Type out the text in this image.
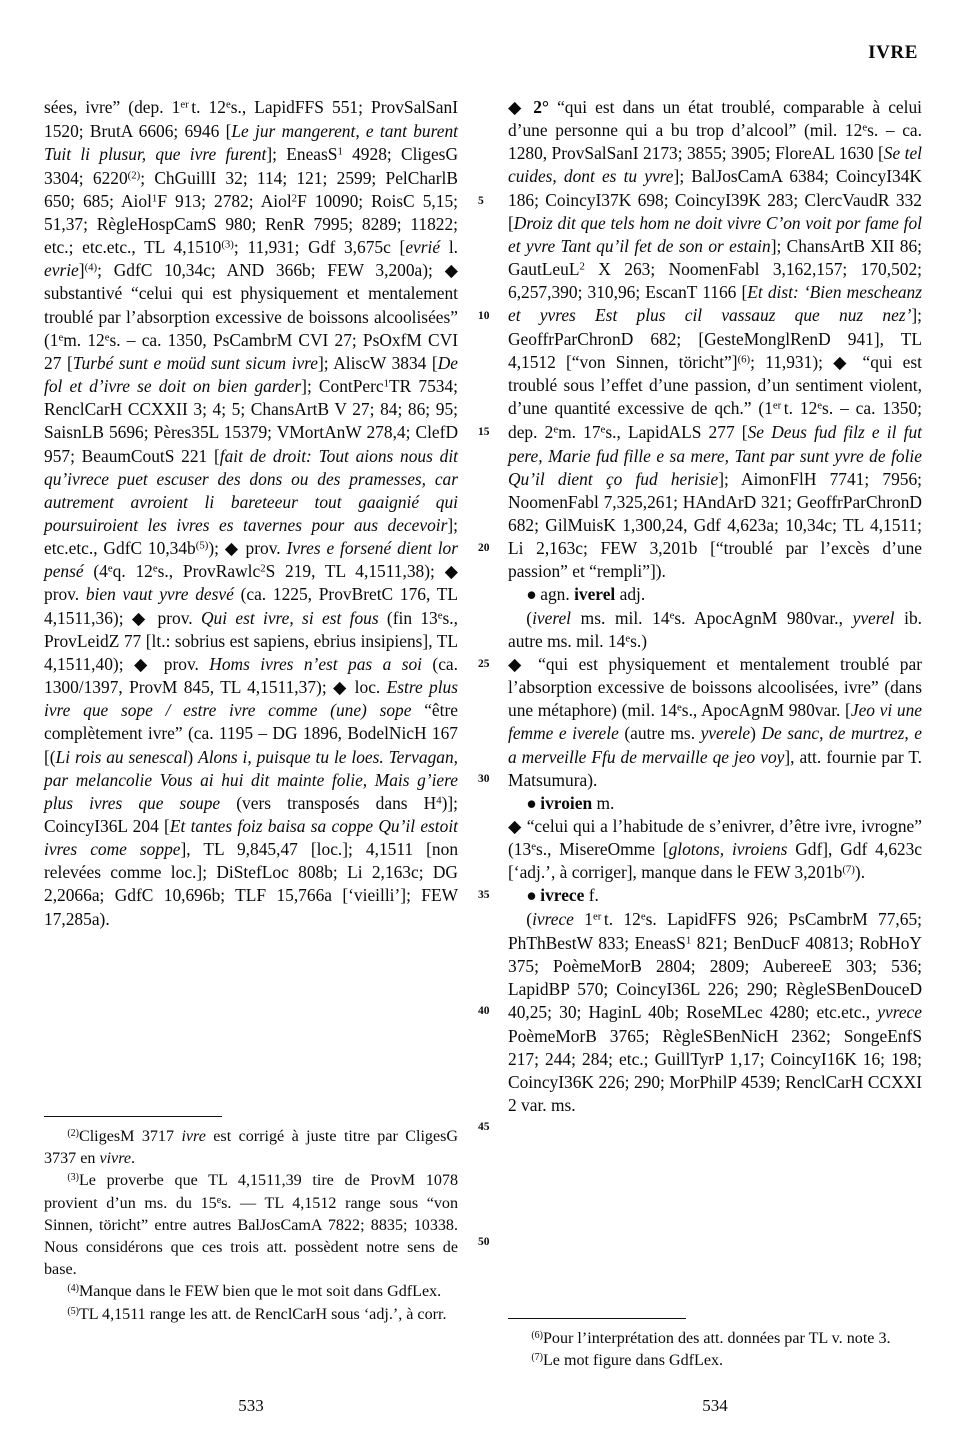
IVRE

sées, ivre” (dep. 1er t. 12es., LapidFFS 551; ProvSalSanI 1520; BrutA 6606; 6946 [Le jur mangerent, e tant burent Tuit li plusur, que ivre furent]; EneasS$^1$ 4928; CligesG 3304; 6220$^{(2)}$; ChGuillI 32; 114; 121; 2599; PelCharlB 650; 685; Aiol$^1$F 913; 2782; Aiol$^2$F 10090; RoisC 5,15; 51,37; RègleHospCamS 980; RenR 7995; 8289; 11822; etc.; etc.etc., TL 4,1510$^{(3)}$; 11,931; Gdf 3,675c [evrié l. evrie]$^{(4)}$; GdfC 10,34c; AND 366b; FEW 3,200a); ◆ substantivé “celui qui est physiquement et mentalement troublé par l’absorption excessive de boissons alcoolisées” (1em. 12es. – ca. 1350, PsCambrM CVI 27; PsOxfM CVI 27 [Turbé sunt e moüd sunt sicum ivre]; AliscW 3834 [De fol et d’ivre se doit on bien garder]; ContPerc$^1$TR 7534; RenclCarH CCXXII 3; 4; 5; ChansArtB V 27; 84; 86; 95; SaisnLB 5696; Pères35L 15379; VMortAnW 278,4; ClefD 957; BeaumCoutS 221 [fait de droit: Tout aions nous dit qu’ivrece puet escuser des dons ou des pramesses, car autrement avroient li bareteeur tout gaaignié qui poursuiroient les ivres es tavernes pour aus decevoir]; etc.etc., GdfC $10,34b^{(5)}$); ◆ prov. Ivres e forsené dient lor pensé (4eq. 12es., ProvRawlc$^2$S 219, TL 4,1511,38); ◆ prov. bien vaut yvre desvé (ca. 1225, ProvBretC 176, TL 4,1511,36); ◆ prov. Qui est ivre, si est fous (fin 13es., ProvLeidZ 77 [lt.: sobrius est sapiens, ebrius insipiens], TL 4,1511,40); ◆ prov. Homs ivres n’est pas a soi (ca. 1300/1397, ProvM 845, TL 4,1511,37); ◆ loc. Estre plus ivre que sope / estre ivre comme (une) sope “être complètement ivre” (ca. 1195 – DG 1896, BodelNicH 167 [(Li rois au senescal) Alons i, puisque tu le loes. Tervagan, par melancolie Vous ai hui dit mainte folie, Mais g’iere plus ivres que soupe (vers transposés dans $H^4$)]; CoincyI36L 204 [Et tantes foiz baisa sa coppe Qu’il estoit ivres come soppe], TL 9,845,47 [loc.]; 4,1511 [non relevées comme loc.]; DiStefLoc 808b; Li 2,163c; DG 2,2066a; GdfC 10,696b; TLF 15,766a [‘vieilli’]; FEW 17,285a).

$^{(2)}$CligesM 3717 ivre est corrigé à juste titre par CligesG 3737 en vivre.

$^{(3)}$Le proverbe que TL 4,1511,39 tire de ProvM 1078 provient d’un ms. du 15es. — TL 4,1512 range sous “von Sinnen, töricht” entre autres BalJosCamA 7822; 8835; 10338. Nous considérons que ces trois att. possèdent notre sens de base.

$^{(4)}$Manque dans le FEW bien que le mot soit dans GdfLex.

$^{(5)}$TL 4,1511 range les att. de RenclCarH sous ‘adj.’, à corr.

5
10
15
20
25
30
35
40
45
50

◆ 2° “qui est dans un état troublé, comparable à celui d’une personne qui a bu trop d’alcool” (mil. 12es. – ca. 1280, ProvSalSanI 2173; 3855; 3905; FloreAL 1630 [Se tel cuides, dont es tu yvre]; BalJosCamA 6384; CoincyI34K 186; CoincyI37K 698; CoincyI39K 283; ClercVaudR 332 [Droiz dit que tels hom ne doit vivre C’on voit por fame fol et yvre Tant qu’il fet de son or estain]; ChansArtB XII 86; GautLeuL$^2$ X 263; NoomenFabl 3,162,157; 170,502; 6,257,390; 310,96; EscanT 1166 [Et dist: ‘Bien mescheanz et yvres Est plus cil vassauz que nuz nez’]; GeoffrParChronD 682; [GesteMonglRenD 941], TL 4,1512 [“von Sinnen, töricht”]$^{(6)}$; 11,931); ◆ “qui est troublé sous l’effet d’une passion, d’un sentiment violent, d’une quantité excessive de qch.” (1er t. 12es. – ca. 1350; dep. 2em. 17es., LapidALS 277 [Se Deus fud filz e il fut pere, Marie fud fille e sa mere, Tant par sunt yvre de folie Qu’il dient ço fud herisie]; AimonFlH 7741; 7956; NoomenFabl 7,325,261; HAndArD 321; GeoffrParChronD 682; GilMuisK 1,300,24, Gdf 4,623a; 10,34c; TL 4,1511; Li 2,163c; FEW 3,201b [“troublé par l’excès d’une passion” et “rempli”]).

● agn. iverel adj.

(iverel ms. mil. 14es. ApocAgnM 980var., yverel ib. autre ms. mil. 14es.)

◆ “qui est physiquement et mentalement troublé par l’absorption excessive de boissons alcoolisées, ivre” (dans une métaphore) (mil. 14es., ApocAgnM 980var. [Jeo vi une femme e iverele (autre ms. yverele) De sanc, de murtrez, e a merveille Ffu de mervaille qe jeo voy], att. fournie par T. Matsumura).

● ivroien m.

◆ “celui qui a l’habitude de s’enivrer, d’être ivre, ivrogne” (13es., MisereOmme [glotons, ivroiens Gdf], Gdf 4,623c [‘adj.’, à corriger], manque dans le FEW $3,201b^{(7)}$).

● ivrece f.

(ivrece 1er t. 12es. LapidFFS 926; PsCambrM 77,65; PhThBestW 833; EneasS$^1$ 821; BenDucF 40813; RobHoY 375; PoèmeMorB 2804; 2809; AubereeE 303; 536; LapidBP 570; CoincyI36L 226; 290; RègleSBenDouceD 40,25; 30; HaginL 40b; RoseMLec 4280; etc.etc., yvrece PoèmeMorB 3765; RègleSBenNicH 2362; SongeEnfS 217; 244; 284; etc.; GuillTyrP 1,17; CoincyI16K 16; 198; CoincyI36K 226; 290; MorPhilP 4539; RenclCarH CCXXI 2 var. ms.

$^{(6)}$Pour l’interprétation des att. données par TL v. note 3.

$^{(7)}$Le mot figure dans GdfLex.

533	534
